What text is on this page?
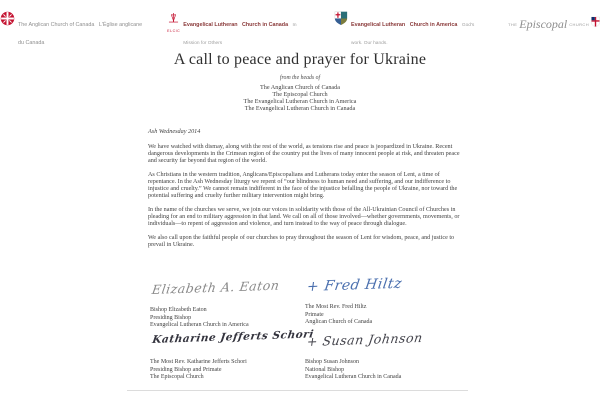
The Anglican Church of Canada L'Église anglicane du Canada
ELCIC
Evangelical Lutheran Church in Canada In Mission for Others
Evangelical Lutheran Church in America God's work. Our hands.
THE Episcopal CHURCH
A call to peace and prayer for Ukraine
from the heads of
The Anglican Church of Canada
The Episcopal Church
The Evangelical Lutheran Church in America
The Evangelical Lutheran Church in Canada
Ash Wednesday 2014

We have watched with dismay, along with the rest of the world, as tensions rise and peace is jeopardized in Ukraine. Recent dangerous developments in the Crimean region of the country put the lives of many innocent people at risk, and threaten peace and security far beyond that region of the world.

As Christians in the western tradition, Anglicans/Episcopalians and Lutherans today enter the season of Lent, a time of repentance. In the Ash Wednesday liturgy we repent of “our blindness to human need and suffering, and our indifference to injustice and cruelty.” We cannot remain indifferent in the face of the injustice befalling the people of Ukraine, nor toward the potential suffering and cruelty further military intervention might bring.

In the name of the churches we serve, we join our voices in solidarity with those of the All-Ukrainian Council of Churches in pleading for an end to military aggression in that land. We call on all of those involved—whether governments, movements, or individuals—to repent of aggression and violence, and turn instead to the way of peace through dialogue.

We also call upon the faithful people of our churches to pray throughout the season of Lent for wisdom, peace, and justice to prevail in Ukraine.

Elizabeth A. Eaton
Bishop Elizabeth Eaton
Presiding Bishop
Evangelical Lutheran Church in America
+ Fred Hiltz
The Most Rev. Fred Hiltz
Primate
Anglican Church of Canada
Katharine Jefferts Schori
The Most Rev. Katharine Jefferts Schori
Presiding Bishop and Primate
The Episcopal Church
+ Susan Johnson
Bishop Susan Johnson
National Bishop
Evangelical Lutheran Church in Canada
